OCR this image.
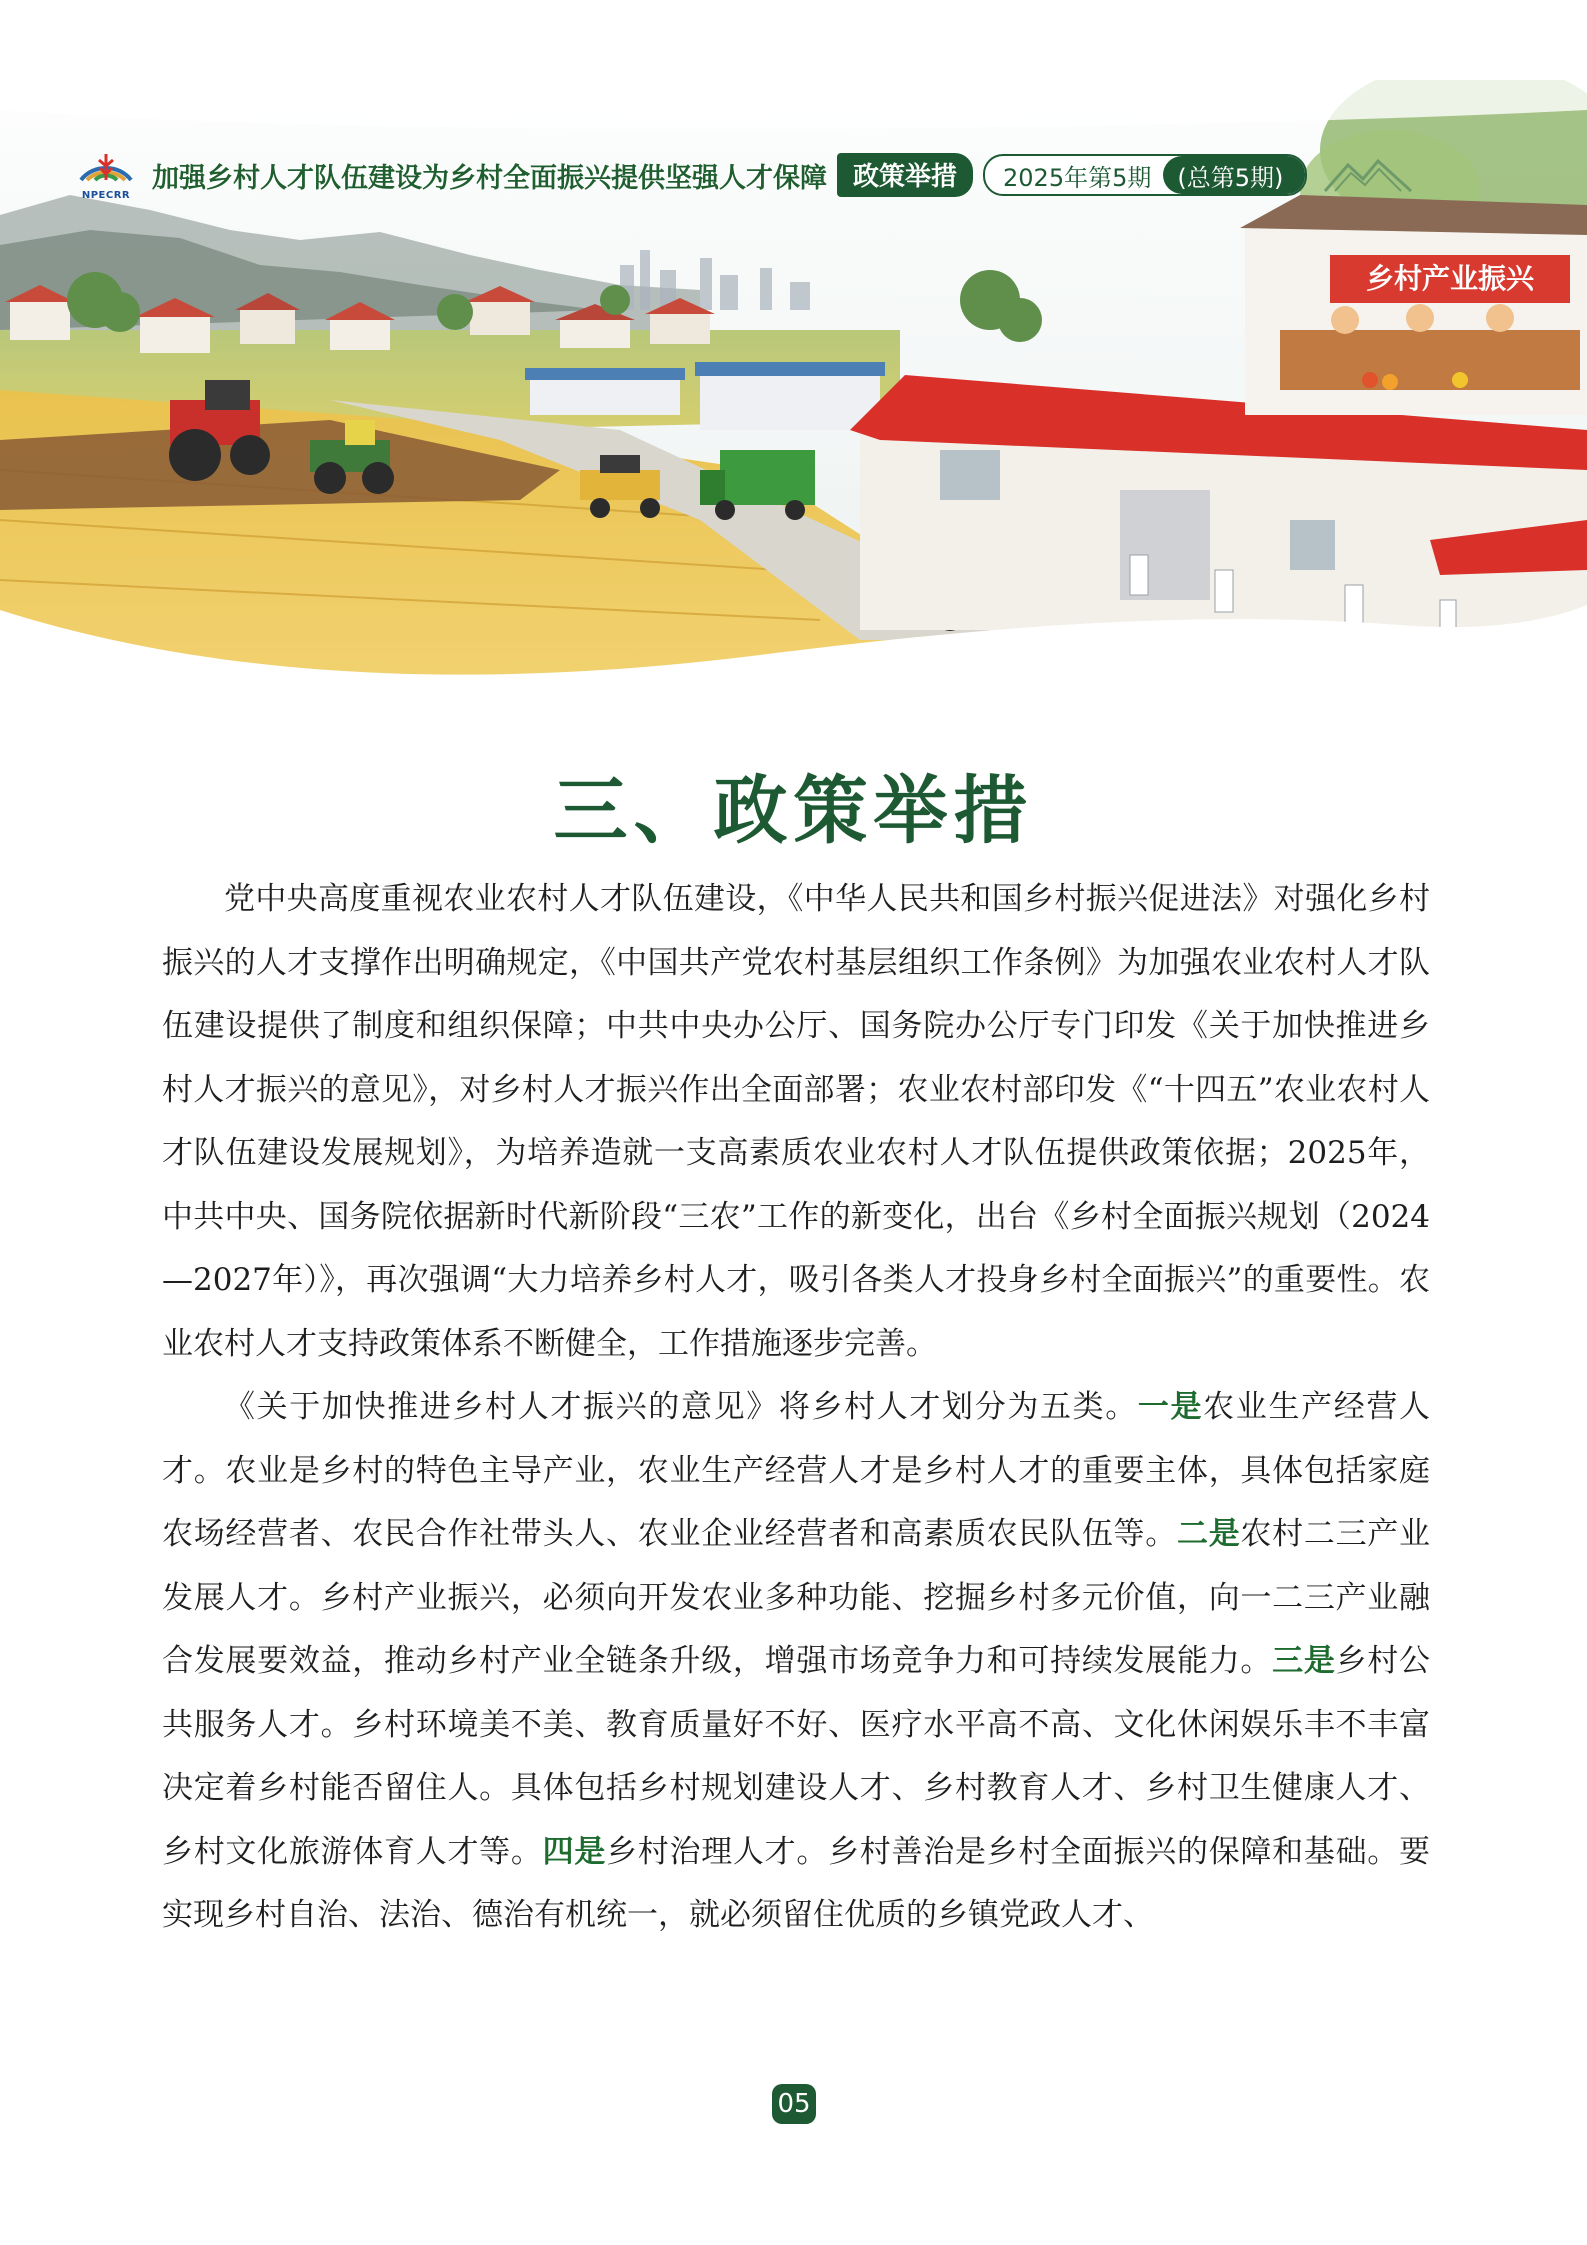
乡村产业振兴
NPECRR
加强乡村人才队伍建设为乡村全面振兴提供坚强人才保障	政策举措	2025年第5期	(总第5期)
三、政策举措

党中央高度重视农业农村人才队伍建设，《中华人民共和国乡村振兴促进法》对强化乡村振兴的人才支撑作出明确规定，《中国共产党农村基层组织工作条例》为加强农业农村人才队伍建设提供了制度和组织保障；中共中央办公厅、国务院办公厅专门印发《关于加快推进乡村人才振兴的意见》，对乡村人才振兴作出全面部署；农业农村部印发《“十四五”农业农村人才队伍建设发展规划》，为培养造就一支高素质农业农村人才队伍提供政策依据；2025年，中共中央、国务院依据新时代新阶段“三农”工作的新变化，出台《乡村全面振兴规划（2024—2027年）》，再次强调“大力培养乡村人才，吸引各类人才投身乡村全面振兴”的重要性。农业农村人才支持政策体系不断健全，工作措施逐步完善。

《关于加快推进乡村人才振兴的意见》将乡村人才划分为五类。一是农业生产经营人才。农业是乡村的特色主导产业，农业生产经营人才是乡村人才的重要主体，具体包括家庭农场经营者、农民合作社带头人、农业企业经营者和高素质农民队伍等。二是农村二三产业发展人才。乡村产业振兴，必须向开发农业多种功能、挖掘乡村多元价值，向一二三产业融合发展要效益，推动乡村产业全链条升级，增强市场竞争力和可持续发展能力。三是乡村公共服务人才。乡村环境美不美、教育质量好不好、医疗水平高不高、文化休闲娱乐丰不丰富决定着乡村能否留住人。具体包括乡村规划建设人才、乡村教育人才、乡村卫生健康人才、乡村文化旅游体育人才等。四是乡村治理人才。乡村善治是乡村全面振兴的保障和基础。要实现乡村自治、法治、德治有机统一，就必须留住优质的乡镇党政人才、

05
